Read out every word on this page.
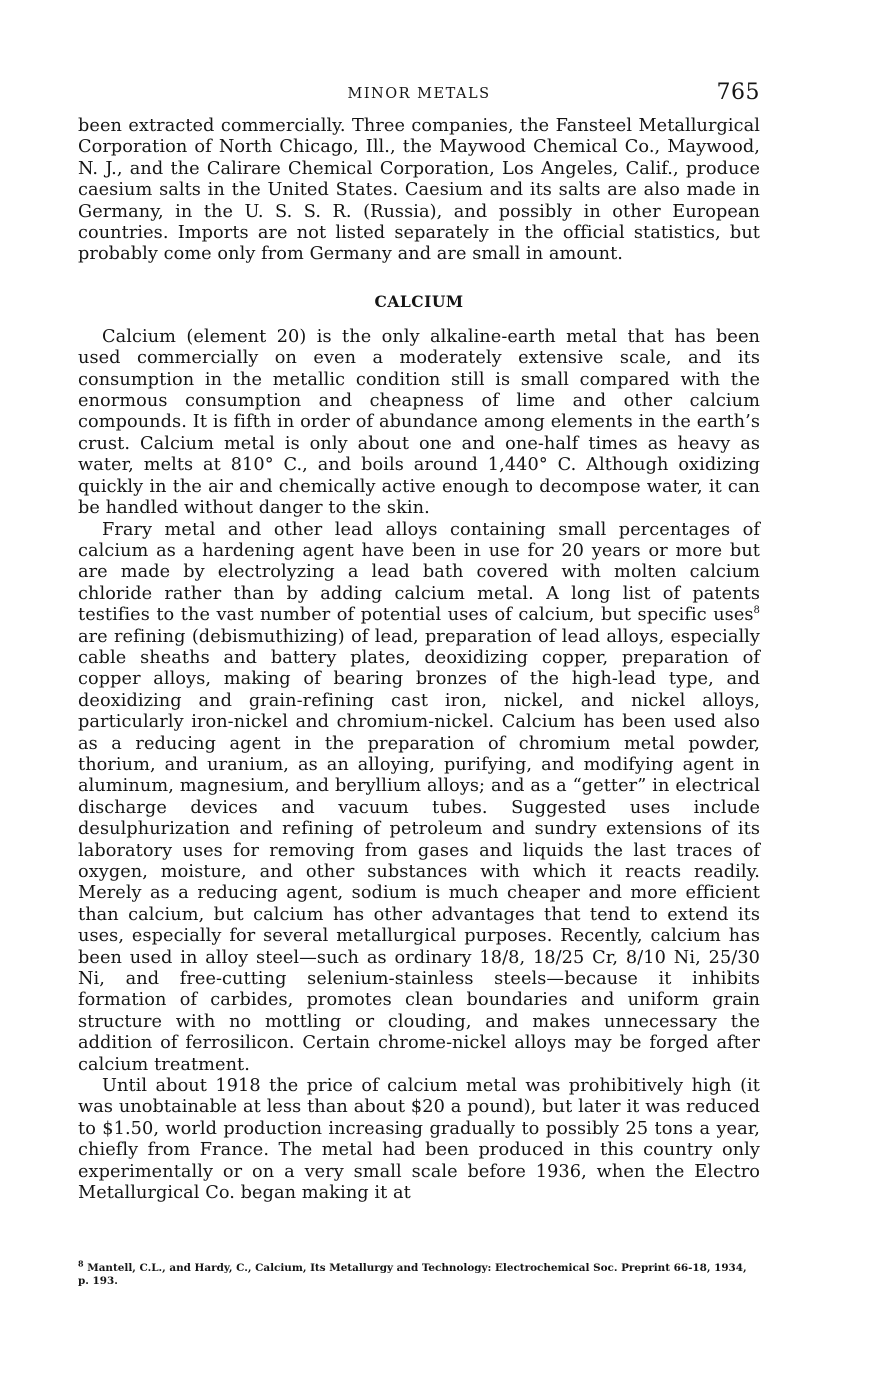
MINOR METALS	765

been extracted commercially. Three companies, the Fansteel Metallurgical Corporation of North Chicago, Ill., the Maywood Chemical Co., Maywood, N. J., and the Calirare Chemical Corporation, Los Angeles, Calif., produce caesium salts in the United States. Caesium and its salts are also made in Germany, in the U. S. S. R. (Russia), and possibly in other European countries. Imports are not listed separately in the official statistics, but probably come only from Germany and are small in amount.

CALCIUM

Calcium (element 20) is the only alkaline-earth metal that has been used commercially on even a moderately extensive scale, and its consumption in the metallic condition still is small compared with the enormous consumption and cheapness of lime and other calcium compounds. It is fifth in order of abundance among elements in the earth’s crust. Calcium metal is only about one and one-half times as heavy as water, melts at 810° C., and boils around 1,440° C. Although oxidizing quickly in the air and chemically active enough to decompose water, it can be handled without danger to the skin.

Frary metal and other lead alloys containing small percentages of calcium as a hardening agent have been in use for 20 years or more but are made by electrolyzing a lead bath covered with molten calcium chloride rather than by adding calcium metal. A long list of patents testifies to the vast number of potential uses of calcium, but specific uses$^8$ are refining (debismuthizing) of lead, preparation of lead alloys, especially cable sheaths and battery plates, deoxidizing copper, preparation of copper alloys, making of bearing bronzes of the high-lead type, and deoxidizing and grain-refining cast iron, nickel, and nickel alloys, particularly iron-nickel and chromium-nickel. Calcium has been used also as a reducing agent in the preparation of chromium metal powder, thorium, and uranium, as an alloying, purifying, and modifying agent in aluminum, magnesium, and beryllium alloys; and as a “getter” in electrical discharge devices and vacuum tubes. Suggested uses include desulphurization and refining of petroleum and sundry extensions of its laboratory uses for removing from gases and liquids the last traces of oxygen, moisture, and other substances with which it reacts readily. Merely as a reducing agent, sodium is much cheaper and more efficient than calcium, but calcium has other advantages that tend to extend its uses, especially for several metallurgical purposes. Recently, calcium has been used in alloy steel—such as ordinary 18/8, 18/25 Cr, 8/10 Ni, 25/30 Ni, and free-cutting selenium-stainless steels—because it inhibits formation of carbides, promotes clean boundaries and uniform grain structure with no mottling or clouding, and makes unnecessary the addition of ferrosilicon. Certain chrome-nickel alloys may be forged after calcium treatment.

Until about 1918 the price of calcium metal was prohibitively high (it was unobtainable at less than about $20 a pound), but later it was reduced to $1.50, world production increasing gradually to possibly 25 tons a year, chiefly from France. The metal had been produced in this country only experimentally or on a very small scale before 1936, when the Electro Metallurgical Co. began making it at

$^8$ Mantell, C.L., and Hardy, C., Calcium, Its Metallurgy and Technology: Electrochemical Soc. Preprint 66-18, 1934, p. 193.
